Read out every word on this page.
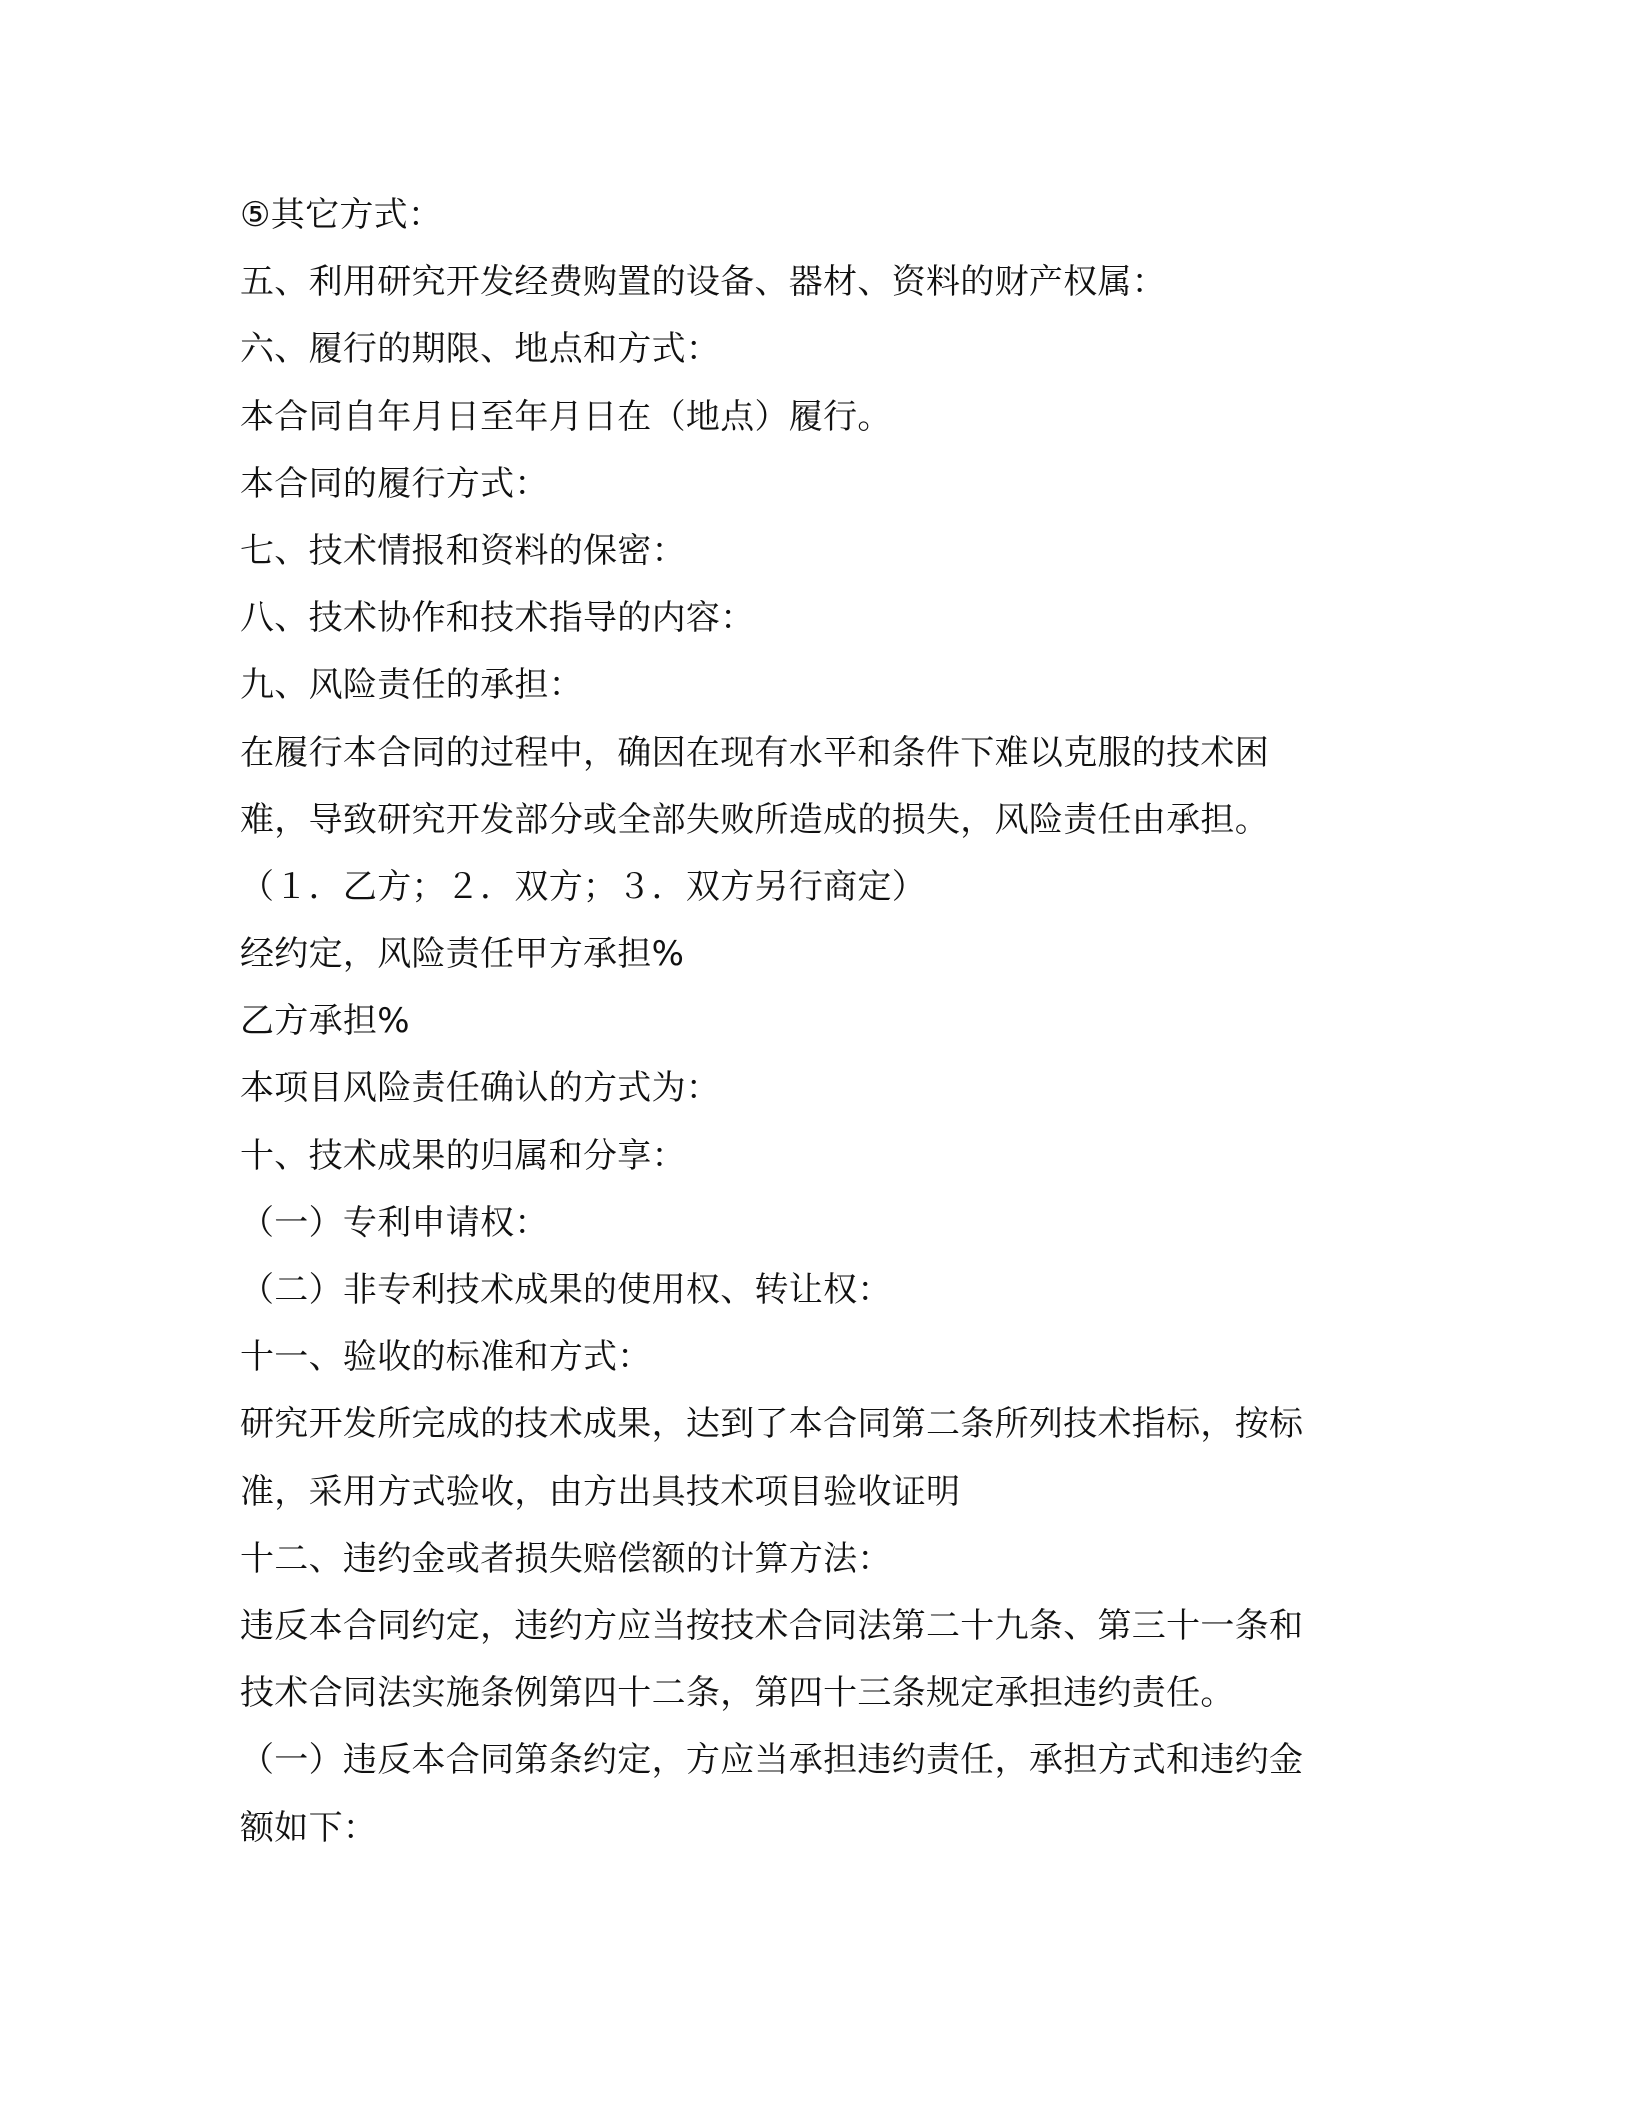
⑤其它方式：
五、利用研究开发经费购置的设备、器材、资料的财产权属：
六、履行的期限、地点和方式：
本合同自年月日至年月日在（地点）履行。
本合同的履行方式：
七、技术情报和资料的保密：
八、技术协作和技术指导的内容：
九、风险责任的承担：
在履行本合同的过程中，确因在现有水平和条件下难以克服的技术困
难，导致研究开发部分或全部失败所造成的损失，风险责任由承担。
（１．乙方；２．双方；３．双方另行商定）
经约定，风险责任甲方承担%
乙方承担%
本项目风险责任确认的方式为：
十、技术成果的归属和分享：
（一）专利申请权：
（二）非专利技术成果的使用权、转让权：
十一、验收的标准和方式：
研究开发所完成的技术成果，达到了本合同第二条所列技术指标，按标
准，采用方式验收，由方出具技术项目验收证明
十二、违约金或者损失赔偿额的计算方法：
违反本合同约定，违约方应当按技术合同法第二十九条、第三十一条和
技术合同法实施条例第四十二条，第四十三条规定承担违约责任。
（一）违反本合同第条约定，方应当承担违约责任，承担方式和违约金
额如下：
